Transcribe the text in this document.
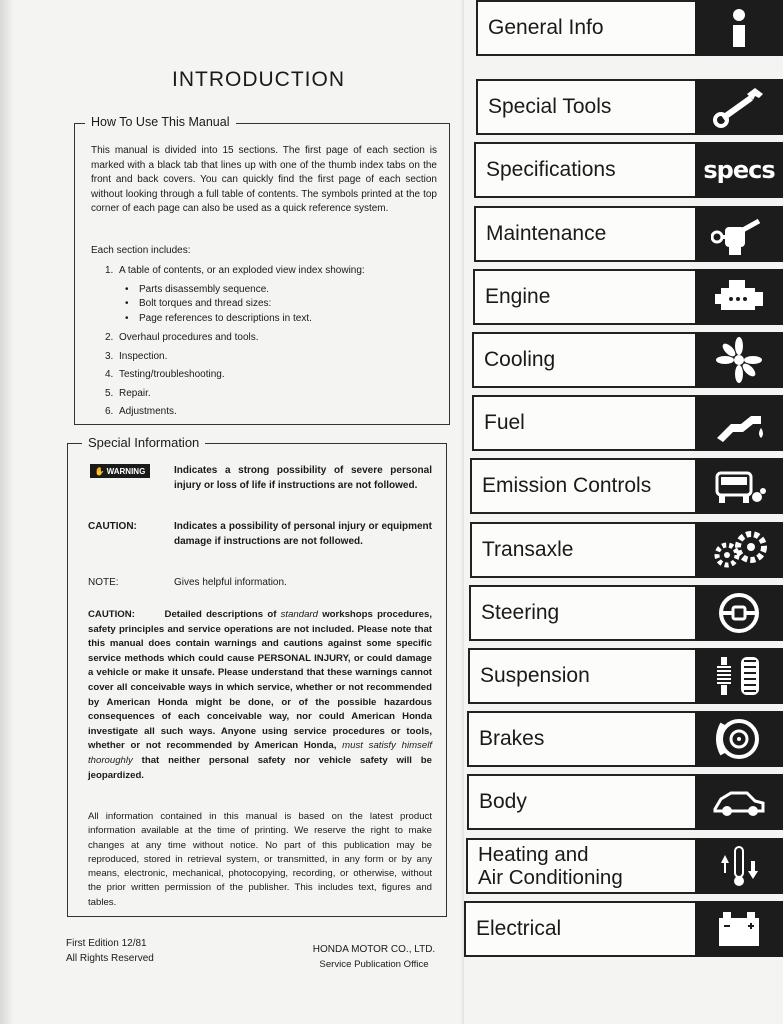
INTRODUCTION
How To Use This Manual
This manual is divided into 15 sections. The first page of each section is marked with a black tab that lines up with one of the thumb index tabs on the front and back covers. You can quickly find the first page of each section without looking through a full table of contents. The symbols printed at the top corner of each page can also be used as a quick reference system.
Each section includes:
1. A table of contents, or an exploded view index showing:
•	Parts disassembly sequence.
•	Bolt torques and thread sizes:
•	Page references to descriptions in text.
2. Overhaul procedures and tools.
3. Inspection.
4. Testing/troubleshooting.
5. Repair.
6. Adjustments.
Special Information
✋ WARNING	Indicates a strong possibility of severe personal injury or loss of life if instructions are not followed.
CAUTION:	Indicates a possibility of personal injury or equipment damage if instructions are not followed.
NOTE:	Gives helpful information.
CAUTION:	Detailed descriptions of standard workshops procedures, safety principles and service operations are not included. Please note that this manual does contain warnings and cautions against some specific service methods which could cause PERSONAL INJURY, or could damage a vehicle or make it unsafe. Please understand that these warnings cannot cover all conceivable ways in which service, whether or not recommended by American Honda might be done, or of the possible hazardous consequences of each conceivable way, nor could American Honda investigate all such ways. Anyone using service procedures or tools, whether or not recommended by American Honda, must satisfy himself thoroughly that neither personal safety nor vehicle safety will be jeopardized.
All information contained in this manual is based on the latest product information available at the time of printing. We reserve the right to make changes at any time without notice. No part of this publication may be reproduced, stored in retrieval system, or transmitted, in any form or by any means, electronic, mechanical, photocopying, recording, or otherwise, without the prior written permission of the publisher. This includes text, figures and tables.
First Edition 12/81
All Rights Reserved
HONDA MOTOR CO., LTD.
Service Publication Office
General Info
Special Tools
Specifications	specs
Maintenance
Engine
Cooling
Fuel
Emission Controls
Transaxle
Steering
Suspension
Brakes
Body
Heating and
Air Conditioning
Electrical
